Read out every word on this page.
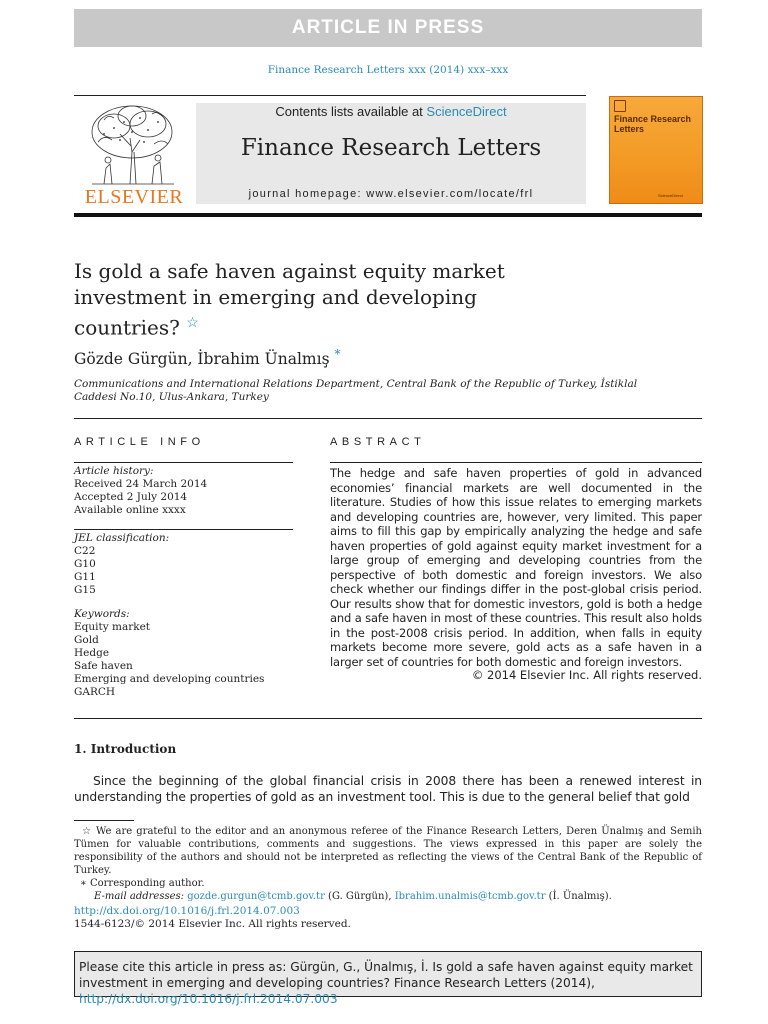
ARTICLE IN PRESS
Finance Research Letters xxx (2014) xxx–xxx
ELSEVIER
Contents lists available at ScienceDirect
Finance Research Letters
journal homepage: www.elsevier.com/locate/frl
Finance Research Letters
ScienceDirect
Is gold a safe haven against equity market investment in emerging and developing countries? ☆
Gözde Gürgün, İbrahim Ünalmış *
Communications and International Relations Department, Central Bank of the Republic of Turkey, İstiklal Caddesi No.10, Ulus-Ankara, Turkey
ARTICLE INFO	ABSTRACT
Article history:
Received 24 March 2014
Accepted 2 July 2014
Available online xxxx
JEL classification:
C22
G10
G11
G15
Keywords:
Equity market
Gold
Hedge
Safe haven
Emerging and developing countries
GARCH
The hedge and safe haven properties of gold in advanced economies’ financial markets are well documented in the literature. Studies of how this issue relates to emerging markets and developing countries are, however, very limited. This paper aims to fill this gap by empirically analyzing the hedge and safe haven properties of gold against equity market investment for a large group of emerging and developing countries from the perspective of both domestic and foreign investors. We also check whether our findings differ in the post-global crisis period. Our results show that for domestic investors, gold is both a hedge and a safe haven in most of these countries. This result also holds in the post-2008 crisis period. In addition, when falls in equity markets become more severe, gold acts as a safe haven in a larger set of countries for both domestic and foreign investors.
© 2014 Elsevier Inc. All rights reserved.
1. Introduction
Since the beginning of the global financial crisis in 2008 there has been a renewed interest in understanding the properties of gold as an investment tool. This is due to the general belief that gold

☆ We are grateful to the editor and an anonymous referee of the Finance Research Letters, Deren Ünalmış and Semih Tümen for valuable contributions, comments and suggestions. The views expressed in this paper are solely the responsibility of the authors and should not be interpreted as reflecting the views of the Central Bank of the Republic of Turkey.

∗ Corresponding author.

E-mail addresses: gozde.gurgun@tcmb.gov.tr (G. Gürgün), Ibrahim.unalmis@tcmb.gov.tr (İ. Ünalmış).

http://dx.doi.org/10.1016/j.frl.2014.07.003
1544-6123/© 2014 Elsevier Inc. All rights reserved.
Please cite this article in press as: Gürgün, G., Ünalmış, İ. Is gold a safe haven against equity market investment in emerging and developing countries? Finance Research Letters (2014), http://dx.doi.org/10.1016/j.frl.2014.07.003
